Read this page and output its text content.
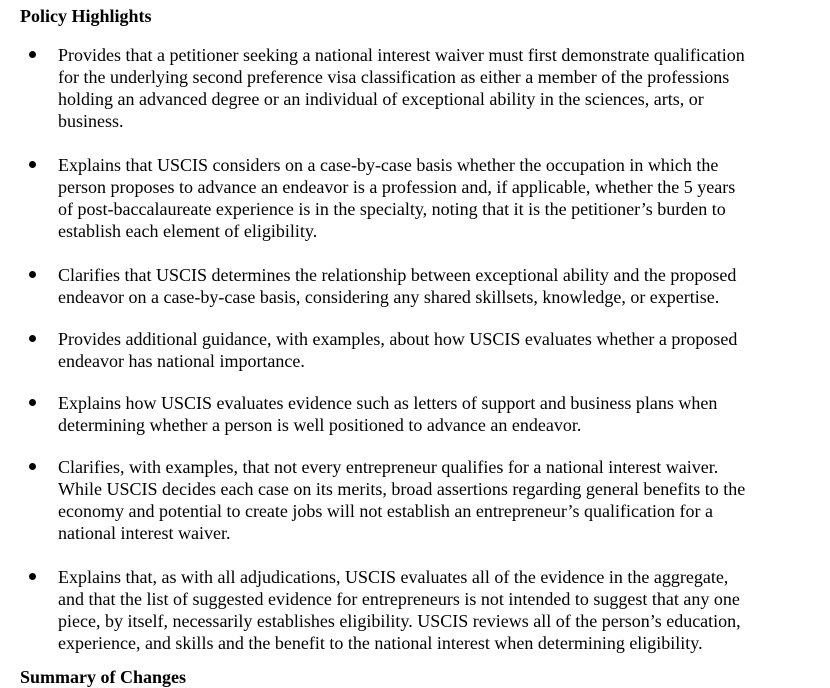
Policy Highlights
Provides that a petitioner seeking a national interest waiver must first demonstrate qualification
for the underlying second preference visa classification as either a member of the professions
holding an advanced degree or an individual of exceptional ability in the sciences, arts, or
business.
Explains that USCIS considers on a case-by-case basis whether the occupation in which the
person proposes to advance an endeavor is a profession and, if applicable, whether the 5 years
of post-baccalaureate experience is in the specialty, noting that it is the petitioner’s burden to
establish each element of eligibility.
Clarifies that USCIS determines the relationship between exceptional ability and the proposed
endeavor on a case-by-case basis, considering any shared skillsets, knowledge, or expertise.
Provides additional guidance, with examples, about how USCIS evaluates whether a proposed
endeavor has national importance.
Explains how USCIS evaluates evidence such as letters of support and business plans when
determining whether a person is well positioned to advance an endeavor.
Clarifies, with examples, that not every entrepreneur qualifies for a national interest waiver.
While USCIS decides each case on its merits, broad assertions regarding general benefits to the
economy and potential to create jobs will not establish an entrepreneur’s qualification for a
national interest waiver.
Explains that, as with all adjudications, USCIS evaluates all of the evidence in the aggregate,
and that the list of suggested evidence for entrepreneurs is not intended to suggest that any one
piece, by itself, necessarily establishes eligibility. USCIS reviews all of the person’s education,
experience, and skills and the benefit to the national interest when determining eligibility.
Summary of Changes
